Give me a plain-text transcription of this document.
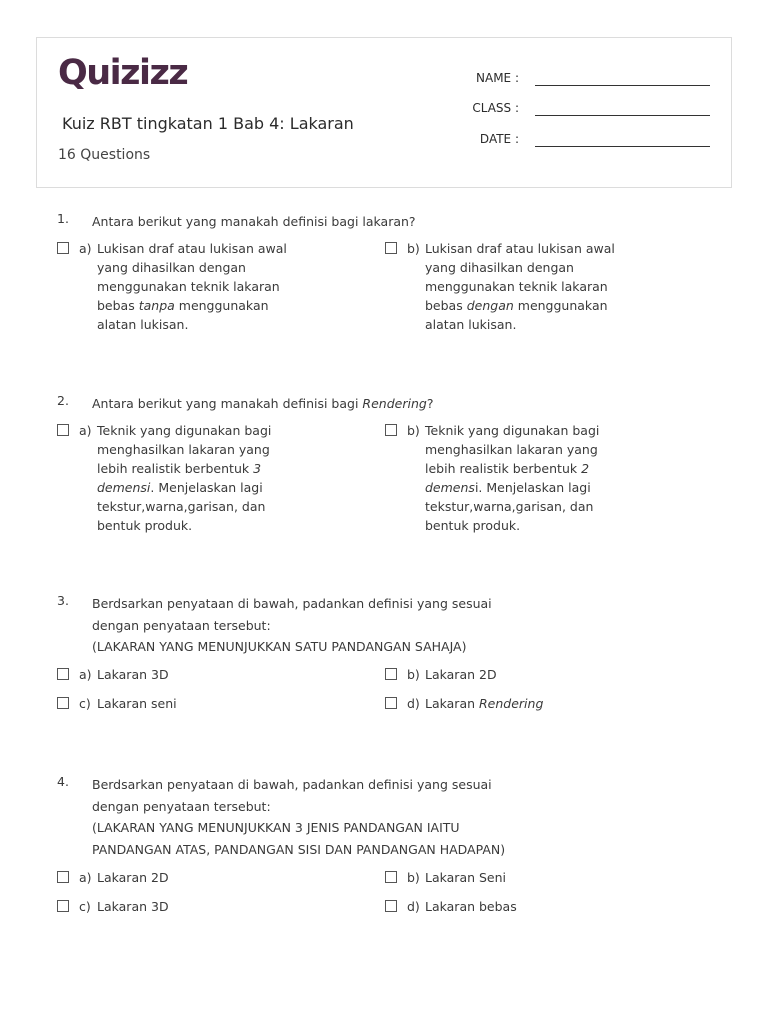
Quizizz
Kuiz RBT tingkatan 1 Bab 4: Lakaran
16 Questions
NAME :
CLASS :
DATE :
1. Antara berikut yang manakah definisi bagi lakaran?
a) Lukisan draf atau lukisan awal
yang dihasilkan dengan
menggunakan teknik lakaran
bebas tanpa menggunakan
alatan lukisan.
b) Lukisan draf atau lukisan awal
yang dihasilkan dengan
menggunakan teknik lakaran
bebas dengan menggunakan
alatan lukisan.
2. Antara berikut yang manakah definisi bagi Rendering?
a) Teknik yang digunakan bagi
menghasilkan lakaran yang
lebih realistik berbentuk 3
demensi. Menjelaskan lagi
tekstur,warna,garisan, dan
bentuk produk.
b) Teknik yang digunakan bagi
menghasilkan lakaran yang
lebih realistik berbentuk 2
demensi. Menjelaskan lagi
tekstur,warna,garisan, dan
bentuk produk.
3. Berdsarkan penyataan di bawah, padankan definisi yang sesuai
dengan penyataan tersebut:
(LAKARAN YANG MENUNJUKKAN SATU PANDANGAN SAHAJA)
a) Lakaran 3D	b) Lakaran 2D
c) Lakaran seni	d) Lakaran Rendering
4. Berdsarkan penyataan di bawah, padankan definisi yang sesuai
dengan penyataan tersebut:
(LAKARAN YANG MENUNJUKKAN 3 JENIS PANDANGAN IAITU
PANDANGAN ATAS, PANDANGAN SISI DAN PANDANGAN HADAPAN)
a) Lakaran 2D	b) Lakaran Seni
c) Lakaran 3D	d) Lakaran bebas
